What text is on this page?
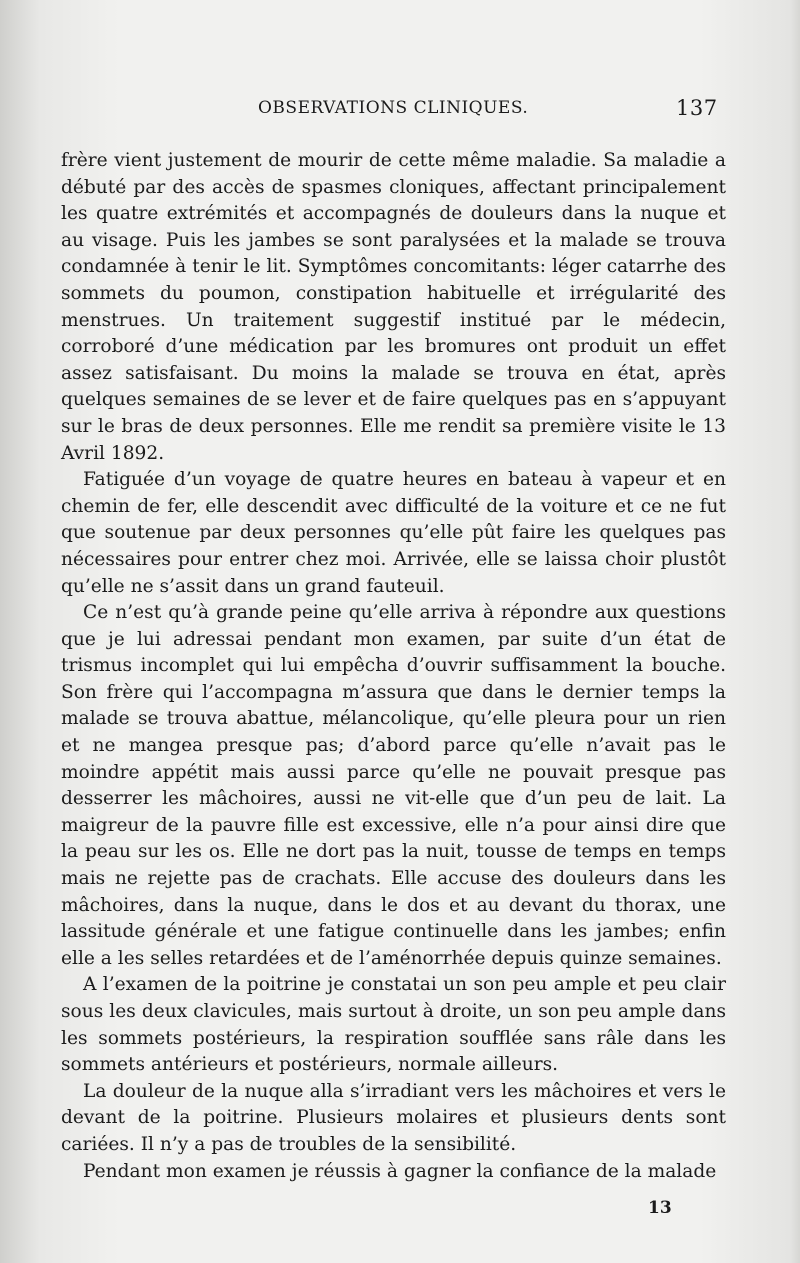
OBSERVATIONS CLINIQUES.	137

frère vient justement de mourir de cette même maladie. Sa maladie a débuté par des accès de spasmes cloniques, affectant principalement les quatre extrémités et accompagnés de douleurs dans la nuque et au visage. Puis les jambes se sont paralysées et la malade se trouva condamnée à tenir le lit. Symptômes concomitants: léger catarrhe des sommets du poumon, constipation habituelle et irrégularité des menstrues. Un traitement suggestif institué par le médecin, corroboré d’une médication par les bromures ont produit un effet assez satisfaisant. Du moins la malade se trouva en état, après quelques semaines de se lever et de faire quelques pas en s’appuyant sur le bras de deux personnes. Elle me rendit sa première visite le 13 Avril 1892.

Fatiguée d’un voyage de quatre heures en bateau à vapeur et en chemin de fer, elle descendit avec difficulté de la voiture et ce ne fut que soutenue par deux personnes qu’elle pût faire les quelques pas nécessaires pour entrer chez moi. Arrivée, elle se laissa choir plustôt qu’elle ne s’assit dans un grand fauteuil.

Ce n’est qu’à grande peine qu’elle arriva à répondre aux questions que je lui adressai pendant mon examen, par suite d’un état de trismus incomplet qui lui empêcha d’ouvrir suffisamment la bouche. Son frère qui l’accompagna m’assura que dans le dernier temps la malade se trouva abattue, mélancolique, qu’elle pleura pour un rien et ne mangea presque pas; d’abord parce qu’elle n’avait pas le moindre appétit mais aussi parce qu’elle ne pouvait presque pas desserrer les mâchoires, aussi ne vit-elle que d’un peu de lait. La maigreur de la pauvre fille est excessive, elle n’a pour ainsi dire que la peau sur les os. Elle ne dort pas la nuit, tousse de temps en temps mais ne rejette pas de crachats. Elle accuse des douleurs dans les mâchoires, dans la nuque, dans le dos et au devant du thorax, une lassitude générale et une fatigue continuelle dans les jambes; enfin elle a les selles retardées et de l’aménorrhée depuis quinze semaines.

A l’examen de la poitrine je constatai un son peu ample et peu clair sous les deux clavicules, mais surtout à droite, un son peu ample dans les sommets postérieurs, la respiration soufflée sans râle dans les sommets antérieurs et postérieurs, normale ailleurs.

La douleur de la nuque alla s’irradiant vers les mâchoires et vers le devant de la poitrine. Plusieurs molaires et plusieurs dents sont cariées. Il n’y a pas de troubles de la sensibilité.

Pendant mon examen je réussis à gagner la confiance de la malade

13
